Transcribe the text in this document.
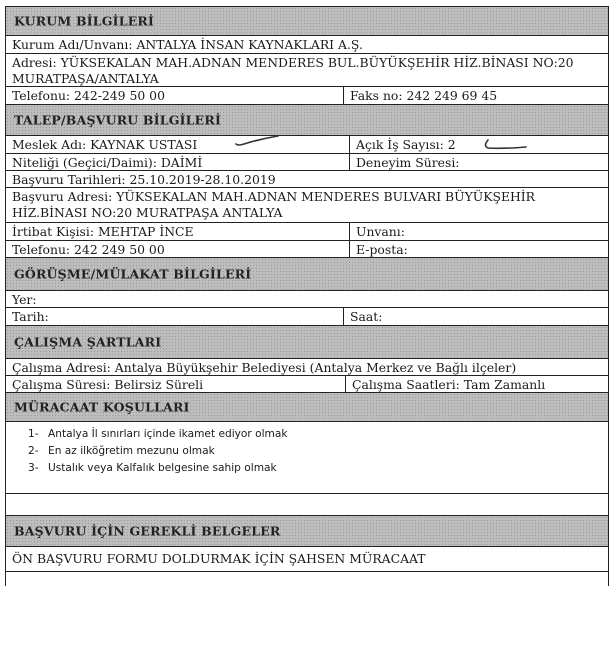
KURUM BİLGİLERİ
Kurum Adı/Unvanı: ANTALYA İNSAN KAYNAKLARI A.Ş.
Adresi: YÜKSEKALAN MAH.ADNAN MENDERES BUL.BÜYÜKŞEHİR HİZ.BİNASI NO:20
MURATPAŞA/ANTALYA
Telefonu: 242-249 50 00	Faks no: 242 249 69 45
TALEP/BAŞVURU BİLGİLERİ
Meslek Adı: KAYNAK USTASI	Açık İş Sayısı: 2
Niteliği (Geçici/Daimi): DAİMİ	Deneyim Süresi:
Başvuru Tarihleri: 25.10.2019-28.10.2019
Başvuru Adresi: YÜKSEKALAN MAH.ADNAN MENDERES BULVARI BÜYÜKŞEHİR
HİZ.BİNASI NO:20 MURATPAŞA ANTALYA
İrtibat Kişisi: MEHTAP İNCE	Unvanı:
Telefonu: 242 249 50 00	E-posta:
GÖRÜŞME/MÜLAKAT BİLGİLERİ
Yer:
Tarih:	Saat:
ÇALIŞMA ŞARTLARI
Çalışma Adresi: Antalya Büyükşehir Belediyesi (Antalya Merkez ve Bağlı ilçeler)
Çalışma Süresi: Belirsiz Süreli	Çalışma Saatleri: Tam Zamanlı
MÜRACAAT KOŞULLARI
1- Antalya İl sınırları içinde ikamet ediyor olmak
2- En az ilköğretim mezunu olmak
3- Ustalık veya Kalfalık belgesine sahip olmak
BAŞVURU İÇİN GEREKLİ BELGELER
ÖN BAŞVURU FORMU DOLDURMAK İÇİN ŞAHSEN MÜRACAAT
